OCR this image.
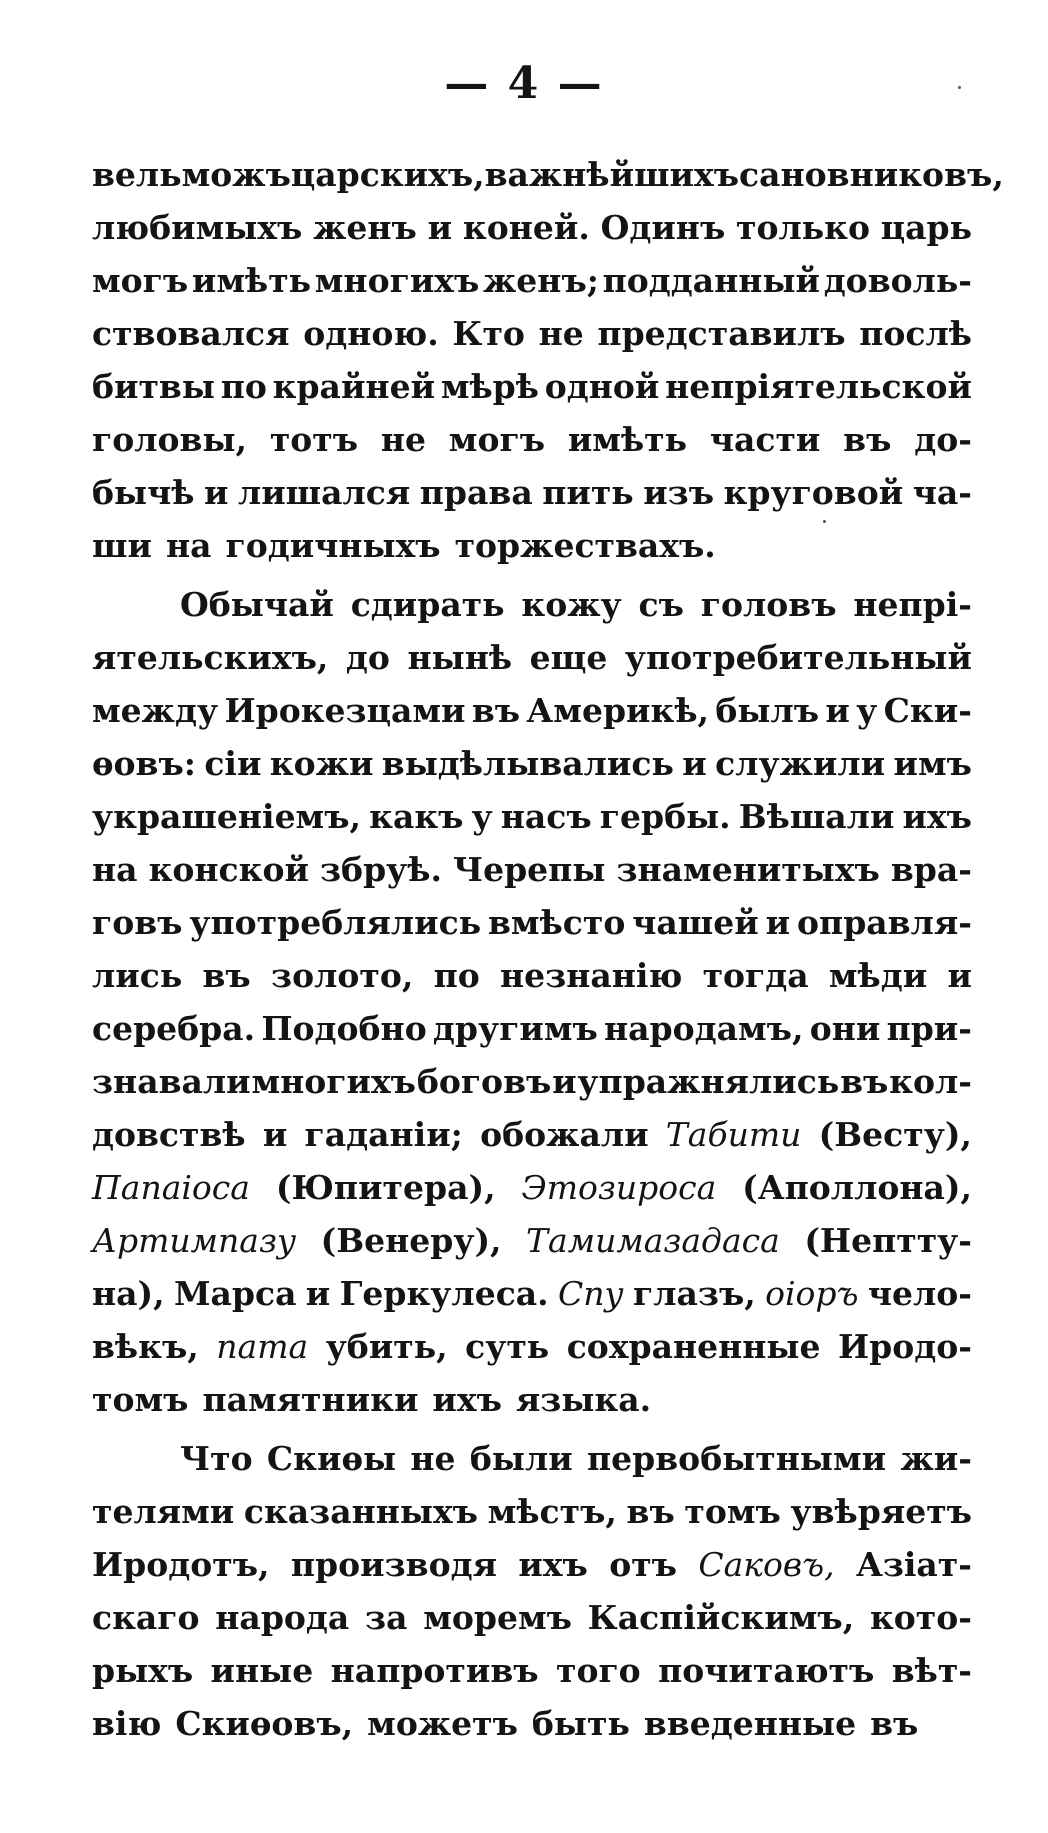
— 4 —
вельможъ царскихъ, важнѣйшихъ сановниковъ,
любимыхъ женъ и коней. Одинъ только царь
могъ имѣть многихъ женъ; подданный доволь-
ствовался одною. Кто не представилъ послѣ
битвы по крайней мѣрѣ одной непріятельской
головы, тотъ не могъ имѣть части въ до-
бычѣ и лишался права пить изъ круговой ча-
ши на годичныхъ торжествахъ.
Обычай сдирать кожу съ головъ непрі-
ятельскихъ, до нынѣ еще употребительный
между Ирокезцами въ Америкѣ, былъ и у Ски-
ѳовъ: сіи кожи выдѣлывались и служили имъ
украшеніемъ, какъ у насъ гербы. Вѣшали ихъ
на конской збруѣ. Черепы знаменитыхъ вра-
говъ употреблялись вмѣсто чашей и оправля-
лись въ золото, по незнанію тогда мѣди и
серебра. Подобно другимъ народамъ, они при-
знавали многихъ боговъ и упражнялись въ кол-
довствѣ и гаданіи; обожали Табити (Весту),
Папаіоса (Юпитера), Этозироса (Аполлона),
Артимпазу (Венеру), Тамимазадаса (Нептту-
на), Марса и Геркулеса. Спу глазъ, оіоръ чело-
вѣкъ, пата убить, суть сохраненные Иродо-
томъ памятники ихъ языка.
Что Скиѳы не были первобытными жи-
телями сказанныхъ мѣстъ, въ томъ увѣряетъ
Иродотъ, производя ихъ отъ Саковъ, Азіат-
скаго народа за моремъ Каспійскимъ, кото-
рыхъ иные напротивъ того почитаютъ вѣт-
вію Скиѳовъ, можетъ быть введенные въ
